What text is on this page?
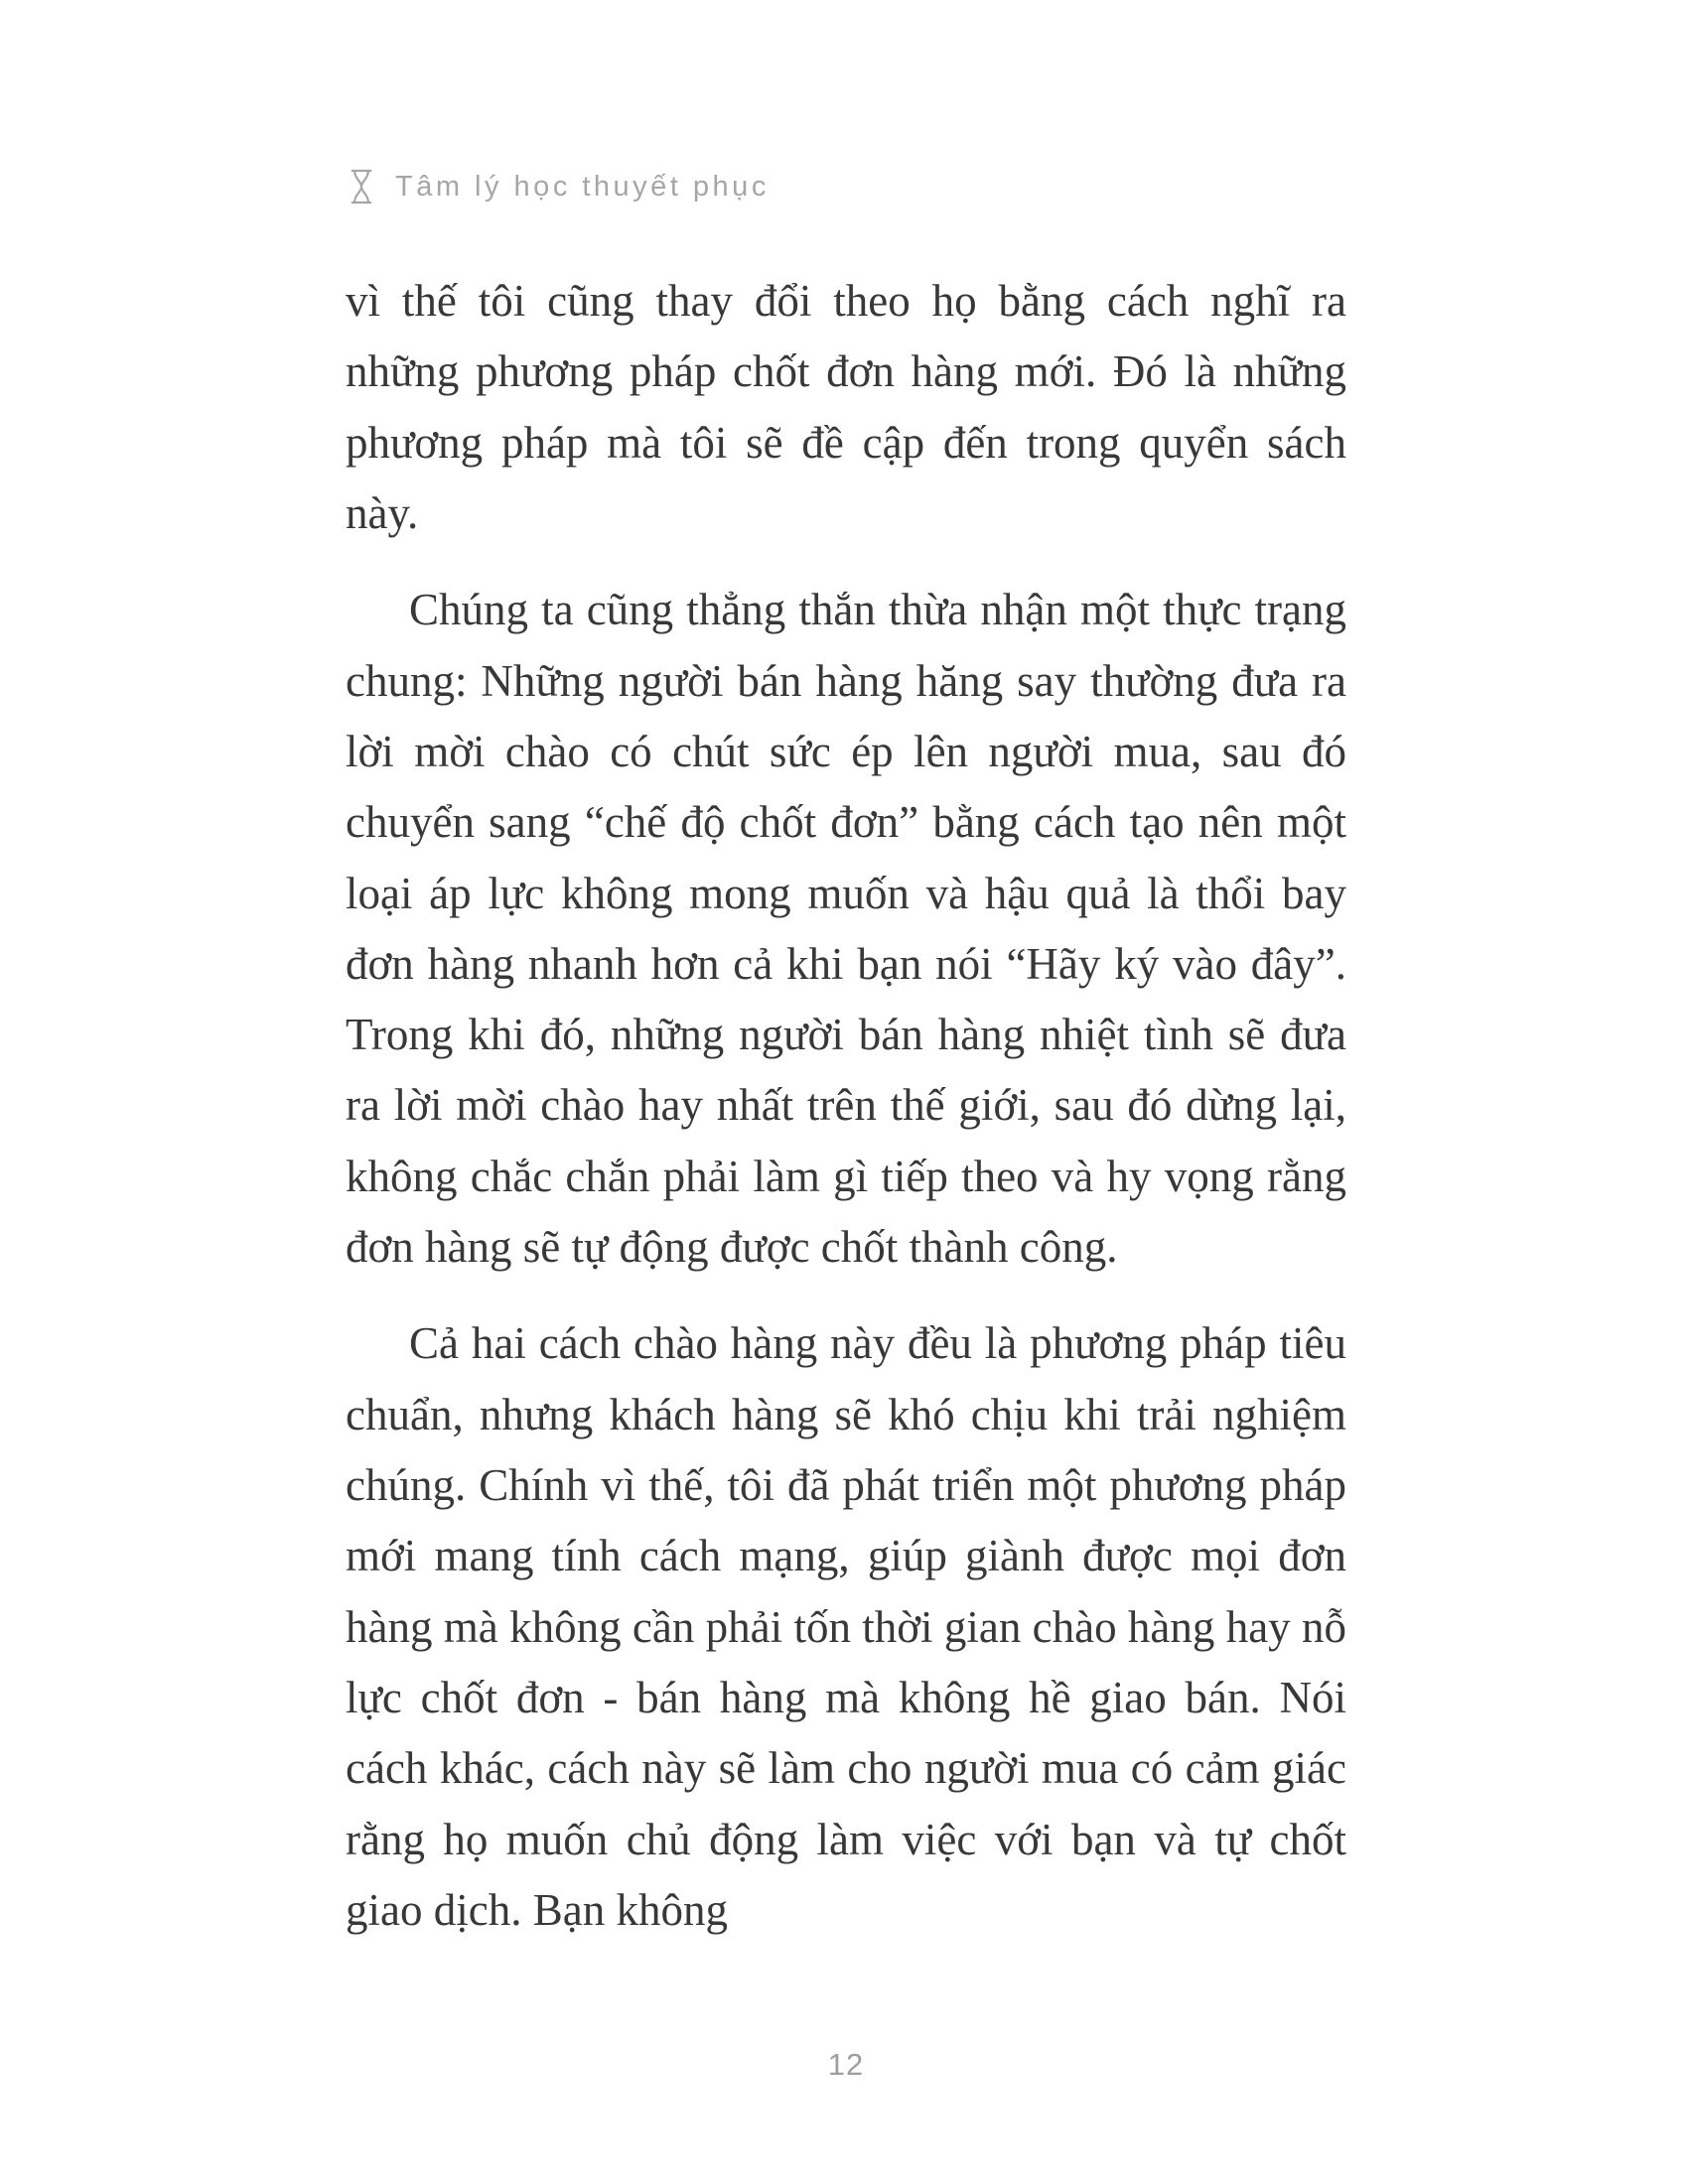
Tâm lý học thuyết phục

vì thế tôi cũng thay đổi theo họ bằng cách nghĩ ra những phương pháp chốt đơn hàng mới. Đó là những phương pháp mà tôi sẽ đề cập đến trong quyển sách này.

Chúng ta cũng thẳng thắn thừa nhận một thực trạng chung: Những người bán hàng hăng say thường đưa ra lời mời chào có chút sức ép lên người mua, sau đó chuyển sang “chế độ chốt đơn” bằng cách tạo nên một loại áp lực không mong muốn và hậu quả là thổi bay đơn hàng nhanh hơn cả khi bạn nói “Hãy ký vào đây”. Trong khi đó, những người bán hàng nhiệt tình sẽ đưa ra lời mời chào hay nhất trên thế giới, sau đó dừng lại, không chắc chắn phải làm gì tiếp theo và hy vọng rằng đơn hàng sẽ tự động được chốt thành công.

Cả hai cách chào hàng này đều là phương pháp tiêu chuẩn, nhưng khách hàng sẽ khó chịu khi trải nghiệm chúng. Chính vì thế, tôi đã phát triển một phương pháp mới mang tính cách mạng, giúp giành được mọi đơn hàng mà không cần phải tốn thời gian chào hàng hay nỗ lực chốt đơn - bán hàng mà không hề giao bán. Nói cách khác, cách này sẽ làm cho người mua có cảm giác rằng họ muốn chủ động làm việc với bạn và tự chốt giao dịch. Bạn không

12
